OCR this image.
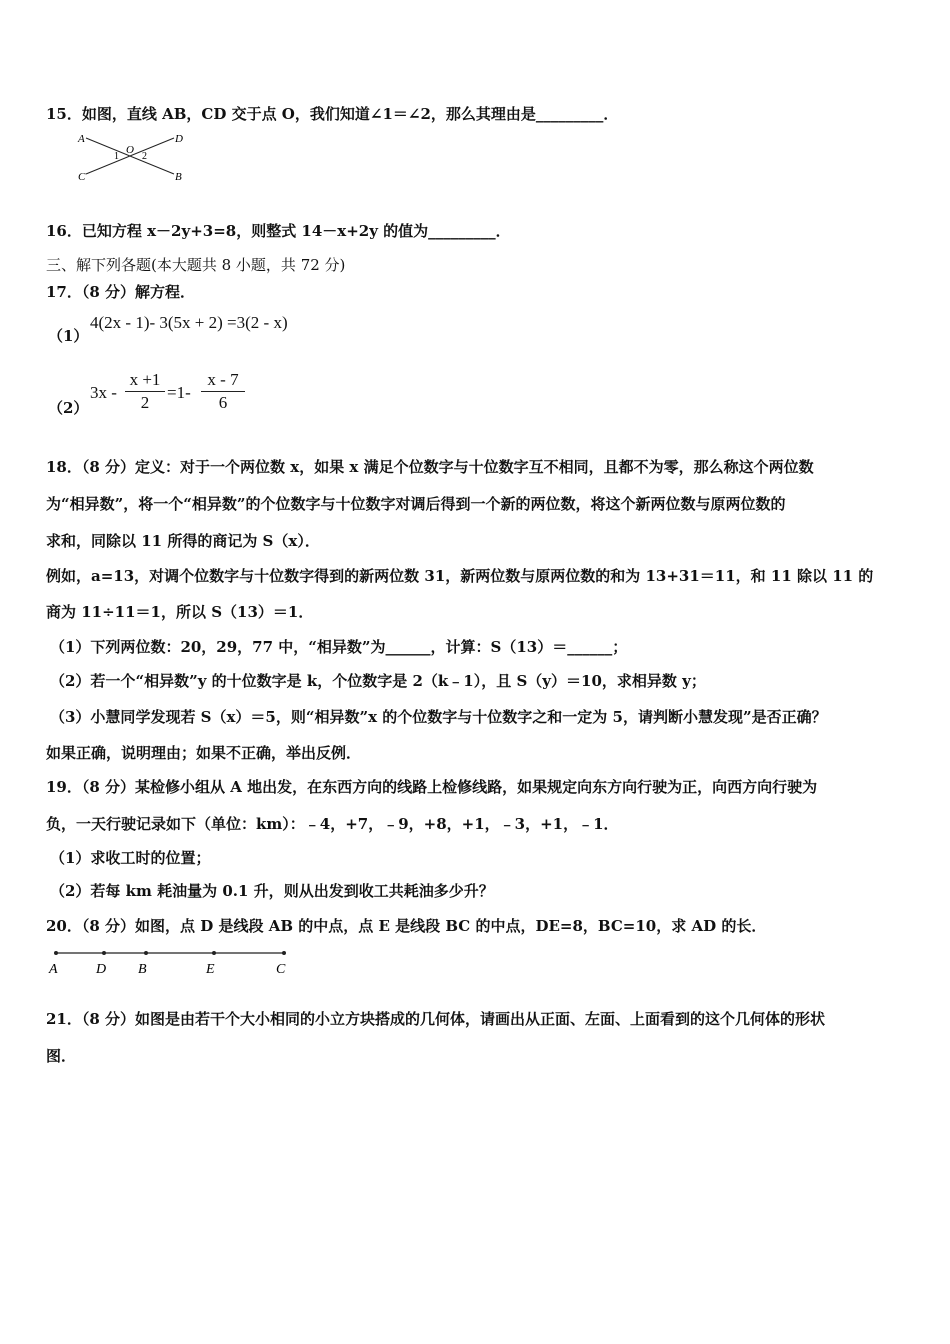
15．如图，直线 AB，CD 交于点 O，我们知道∠1＝∠2，那么其理由是_________．
A	D
C	B
O
1 2
16．已知方程 x－2y+3=8，则整式 14－x+2y 的值为_________．
三、解下列各题(本大题共 8 小题，共 72 分)
17．（8 分）解方程．
（1）
4(2x - 1)- 3(5x + 2) =3(2 - x)
（2）
3x -
x +1
2
=1-
x - 7
6
18．（8 分）定义：对于一个两位数 x，如果 x 满足个位数字与十位数字互不相同，且都不为零，那么称这个两位数
为“相异数”，将一个“相异数”的个位数字与十位数字对调后得到一个新的两位数，将这个新两位数与原两位数的
求和，同除以 11 所得的商记为 S（x）．
例如，a=13，对调个位数字与十位数字得到的新两位数 31，新两位数与原两位数的和为 13+31＝11，和 11 除以 11 的
商为 11÷11＝1，所以 S（13）＝1．
（1）下列两位数：20，29，77 中，“相异数”为______，计算：S（13）＝______；
（2）若一个“相异数”y 的十位数字是 k，个位数字是 2（k﹣1），且 S（y）＝10，求相异数 y；
（3）小慧同学发现若 S（x）＝5，则“相异数”x 的个位数字与十位数字之和一定为 5，请判断小慧发现”是否正确？
如果正确，说明理由；如果不正确，举出反例．
19．（8 分）某检修小组从 A 地出发，在东西方向的线路上检修线路，如果规定向东方向行驶为正，向西方向行驶为
负，一天行驶记录如下（单位：km）：﹣4，+7，﹣9，+8，+1，﹣3，+1，﹣1．
（1）求收工时的位置；
（2）若每 km 耗油量为 0.1 升，则从出发到收工共耗油多少升？
20．（8 分）如图，点 D 是线段 AB 的中点，点 E 是线段 BC 的中点，DE=8，BC=10，求 AD 的长．
A	D B	E	C
21．（8 分）如图是由若干个大小相同的小立方块搭成的几何体，请画出从正面、左面、上面看到的这个几何体的形状
图．
